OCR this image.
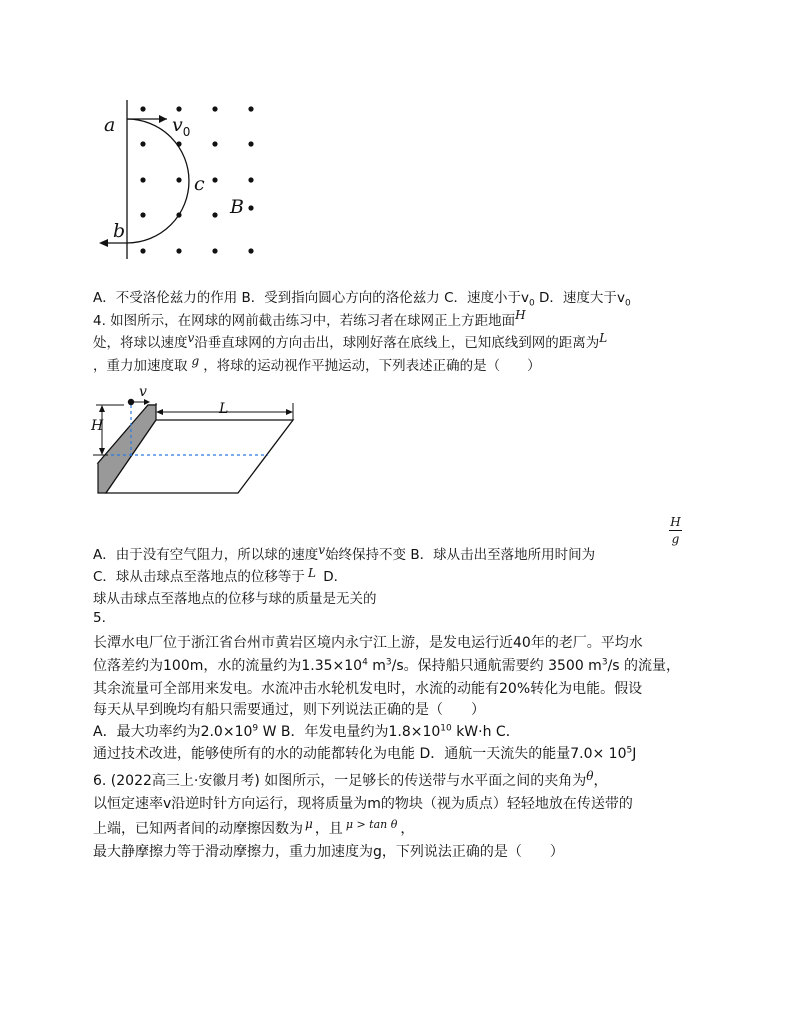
a
b
c
$v_0$
B
A．不受洛伦兹力的作用 B．受到指向圆心方向的洛伦兹力 C．速度小于$v_0$ D．速度大于$v_0$
4. 如图所示，在网球的网前截击练习中，若练习者在球网正上方距地面H
处，将球以速度v沿垂直球网的方向击出，球刚好落在底线上，已知底线到网的距离为L
，重力加速度取 g ，将球的运动视作平抛运动，下列表述正确的是（　　）
v
H
L
H
g
A．由于没有空气阻力，所以球的速度v始终保持不变 B．球从击出至落地所用时间为
C．球从击球点至落地点的位移等于 L D．
球从击球点至落地点的位移与球的质量是无关的
5.
长潭水电厂位于浙江省台州市黄岩区境内永宁江上游，是发电运行近40年的老厂。平均水
位落差约为100m，水的流量约为$1.35\times 10^4$ $m^3/s$。保持船只通航需要约 3500 $m^3/s$ 的流量，
其余流量可全部用来发电。水流冲击水轮机发电时，水流的动能有20%转化为电能。假设
每天从早到晚均有船只需要通过，则下列说法正确的是（　　）
A．最大功率约为$2.0\times 10^9$ W B．年发电量约为$1.8\times 10^{10}$ kW·h C．
通过技术改进，能够使所有的水的动能都转化为电能 D．通航一天流失的能量$7.0\times 10^5J$
6. (2022高三上·安徽月考) 如图所示，一足够长的传送带与水平面之间的夹角为θ，
以恒定速率v沿逆时针方向运行，现将质量为m的物块（视为质点）轻轻地放在传送带的
上端，已知两者间的动摩擦因数为 μ ，且 $^{\mu > tan \theta}$ ，
最大静摩擦力等于滑动摩擦力，重力加速度为g，下列说法正确的是（　　）
